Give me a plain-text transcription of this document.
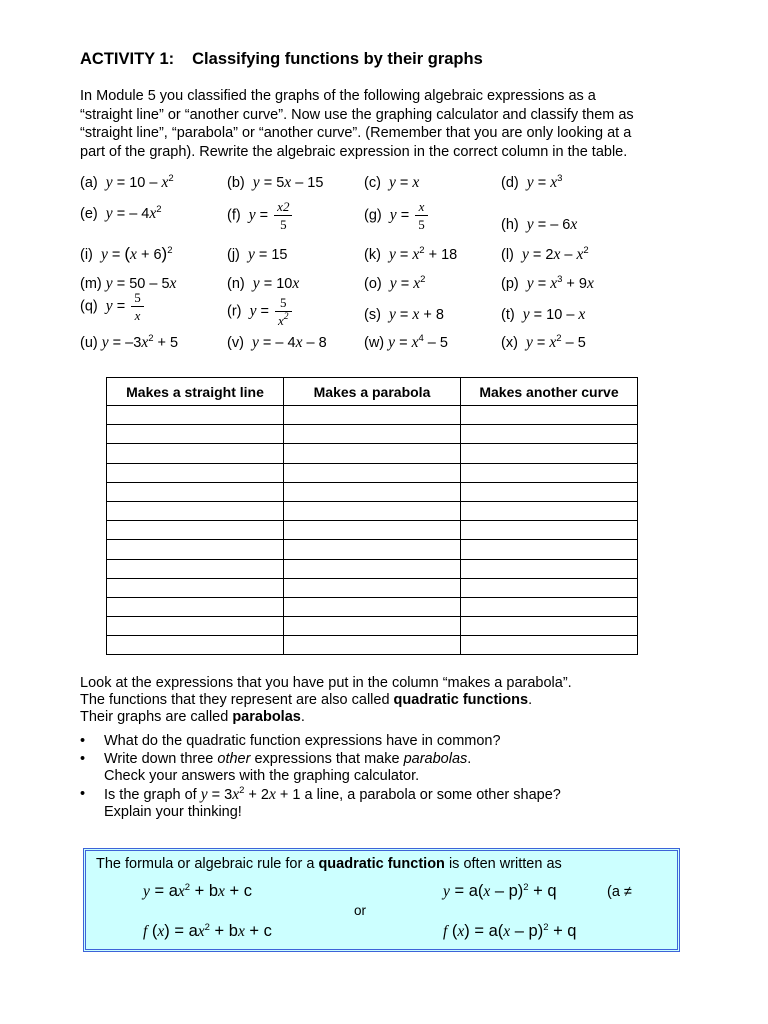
ACTIVITY 1: Classifying functions by their graphs
In Module 5 you classified the graphs of the following algebraic expressions as a
“straight line” or “another curve”. Now use the graphing calculator and classify them as
“straight line”, “parabola” or “another curve”. (Remember that you are only looking at a
part of the graph). Rewrite the algebraic expression in the correct column in the table.
(a) $y = 10 - x^2$	(b) y = 5x – 15	(c) y = x	(d) $y = x^3$
(e) y = – $4x^2$	(f) $y = \frac{x2}{5}$	(g) $y = \frac{x}{5}$	(h) y = – 6x
(i) $y = (x + 6)^2$	(j) y = 15	(k) $y = x^2 + 18$	(l) $y = 2x - x^2$
(m) y = 50 – 5x	(n) y = 10x	(o) $y = x^2$	(p) $y = x^3 + 9x$
(q) $y = \frac{5}{x}$	(r) $y = \frac{5}{x^2}$	(s) y = x + 8	(t) y = 10 – x
(u) $y = -3x^2 + 5$	(v) y = – 4x – 8	(w) $y = x^4 - 5$	(x) $y = x^2 - 5$
Makes a straight line	Makes a parabola	Makes another curve

Look at the expressions that you have put in the column “makes a parabola”.
The functions that they represent are also called quadratic functions.
Their graphs are called parabolas.
• What do the quadratic function expressions have in common?
• Write down three other expressions that make parabolas.
Check your answers with the graphing calculator.
• Is the graph of $y = 3x^2 + 2x + 1$ a line, a parabola or some other shape?
Explain your thinking!
The formula or algebraic rule for a quadratic function is often written as
$y = ax^2$ + bx + c	y = a(x – p)$^2$ + q	(a ≠
or
f $(x) = ax^2$ + bx + c	f (x) = a(x – p)$^2$ + q
